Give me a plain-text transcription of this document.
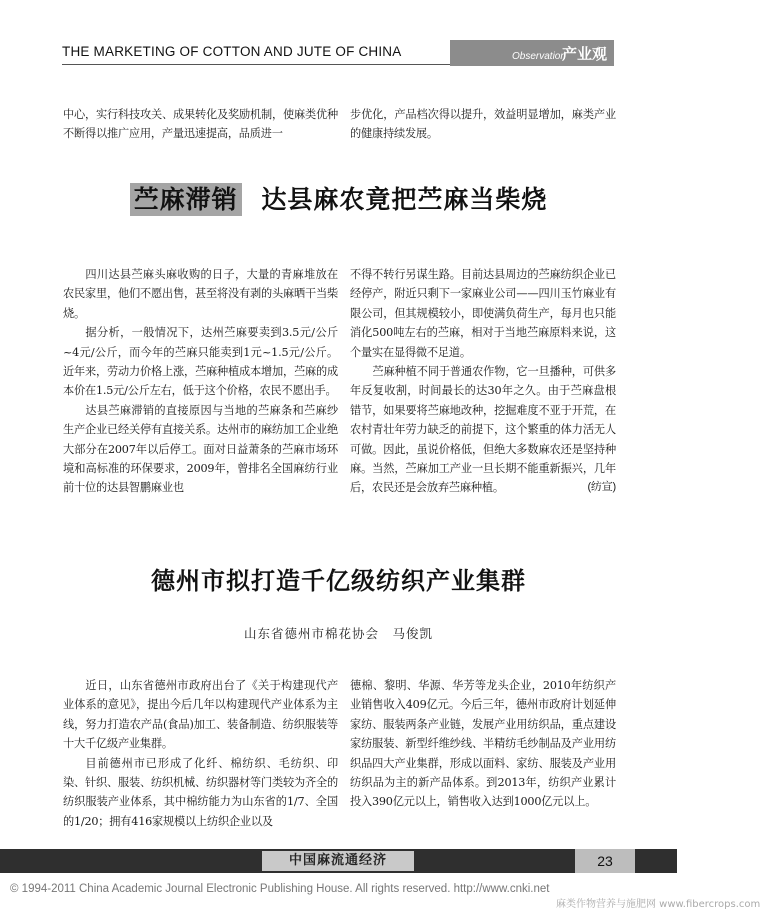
THE MARKETING OF COTTON AND JUTE OF CHINA	Observation
产业观察

中心，实行科技攻关、成果转化及奖励机制，使麻类优种不断得以推广应用，产量迅速提高，品质进一

步优化，产品档次得以提升，效益明显增加，麻类产业的健康持续发展。

苎麻滞销 达县麻农竟把苎麻当柴烧

四川达县苎麻头麻收购的日子，大量的青麻堆放在农民家里，他们不愿出售，甚至将没有剥的头麻晒干当柴烧。

据分析，一般情况下，达州苎麻要卖到3.5元/公斤~4元/公斤，而今年的苎麻只能卖到1元~1.5元/公斤。近年来，劳动力价格上涨，苎麻种植成本增加，苎麻的成本价在1.5元/公斤左右，低于这个价格，农民不愿出手。

达县苎麻滞销的直接原因与当地的苎麻条和苎麻纱生产企业已经关停有直接关系。达州市的麻纺加工企业绝大部分在2007年以后停工。面对日益萧条的苎麻市场环境和高标准的环保要求，2009年，曾排名全国麻纺行业前十位的达县智鹏麻业也

不得不转行另谋生路。目前达县周边的苎麻纺织企业已经停产，附近只剩下一家麻业公司——四川玉竹麻业有限公司，但其规模较小，即使满负荷生产，每月也只能消化500吨左右的苎麻，相对于当地苎麻原料来说，这个量实在显得微不足道。

苎麻种植不同于普通农作物，它一旦播种，可供多年反复收割，时间最长的达30年之久。由于苎麻盘根错节，如果要将苎麻地改种，挖掘难度不亚于开荒，在农村青壮年劳力缺乏的前提下，这个繁重的体力活无人可做。因此，虽说价格低，但绝大多数麻农还是坚持种麻。当然，苎麻加工产业一旦长期不能重新振兴，几年后，农民还是会放弃苎麻种植。	(纺宣)

德州市拟打造千亿级纺织产业集群
山东省德州市棉花协会　马俊凯

近日，山东省德州市政府出台了《关于构建现代产业体系的意见》，提出今后几年以构建现代产业体系为主线，努力打造农产品(食品)加工、装备制造、纺织服装等十大千亿级产业集群。

目前德州市已形成了化纤、棉纺织、毛纺织、印染、针织、服装、纺织机械、纺织器材等门类较为齐全的纺织服装产业体系，其中棉纺能力为山东省的1/7、全国的1/20；拥有416家规模以上纺织企业以及

德棉、黎明、华源、华芳等龙头企业，2010年纺织产业销售收入409亿元。今后三年，德州市政府计划延伸家纺、服装两条产业链，发展产业用纺织品，重点建设家纺服装、新型纤维纱线、半精纺毛纱制品及产业用纺织品四大产业集群，形成以面料、家纺、服装及产业用纺织品为主的新产品体系。到2013年，纺织产业累计投入390亿元以上，销售收入达到1000亿元以上。

中国麻流通经济	23
© 1994-2011 China Academic Journal Electronic Publishing House. All rights reserved. http://www.cnki.net
麻类作物营养与施肥网 www.fibercrops.com
